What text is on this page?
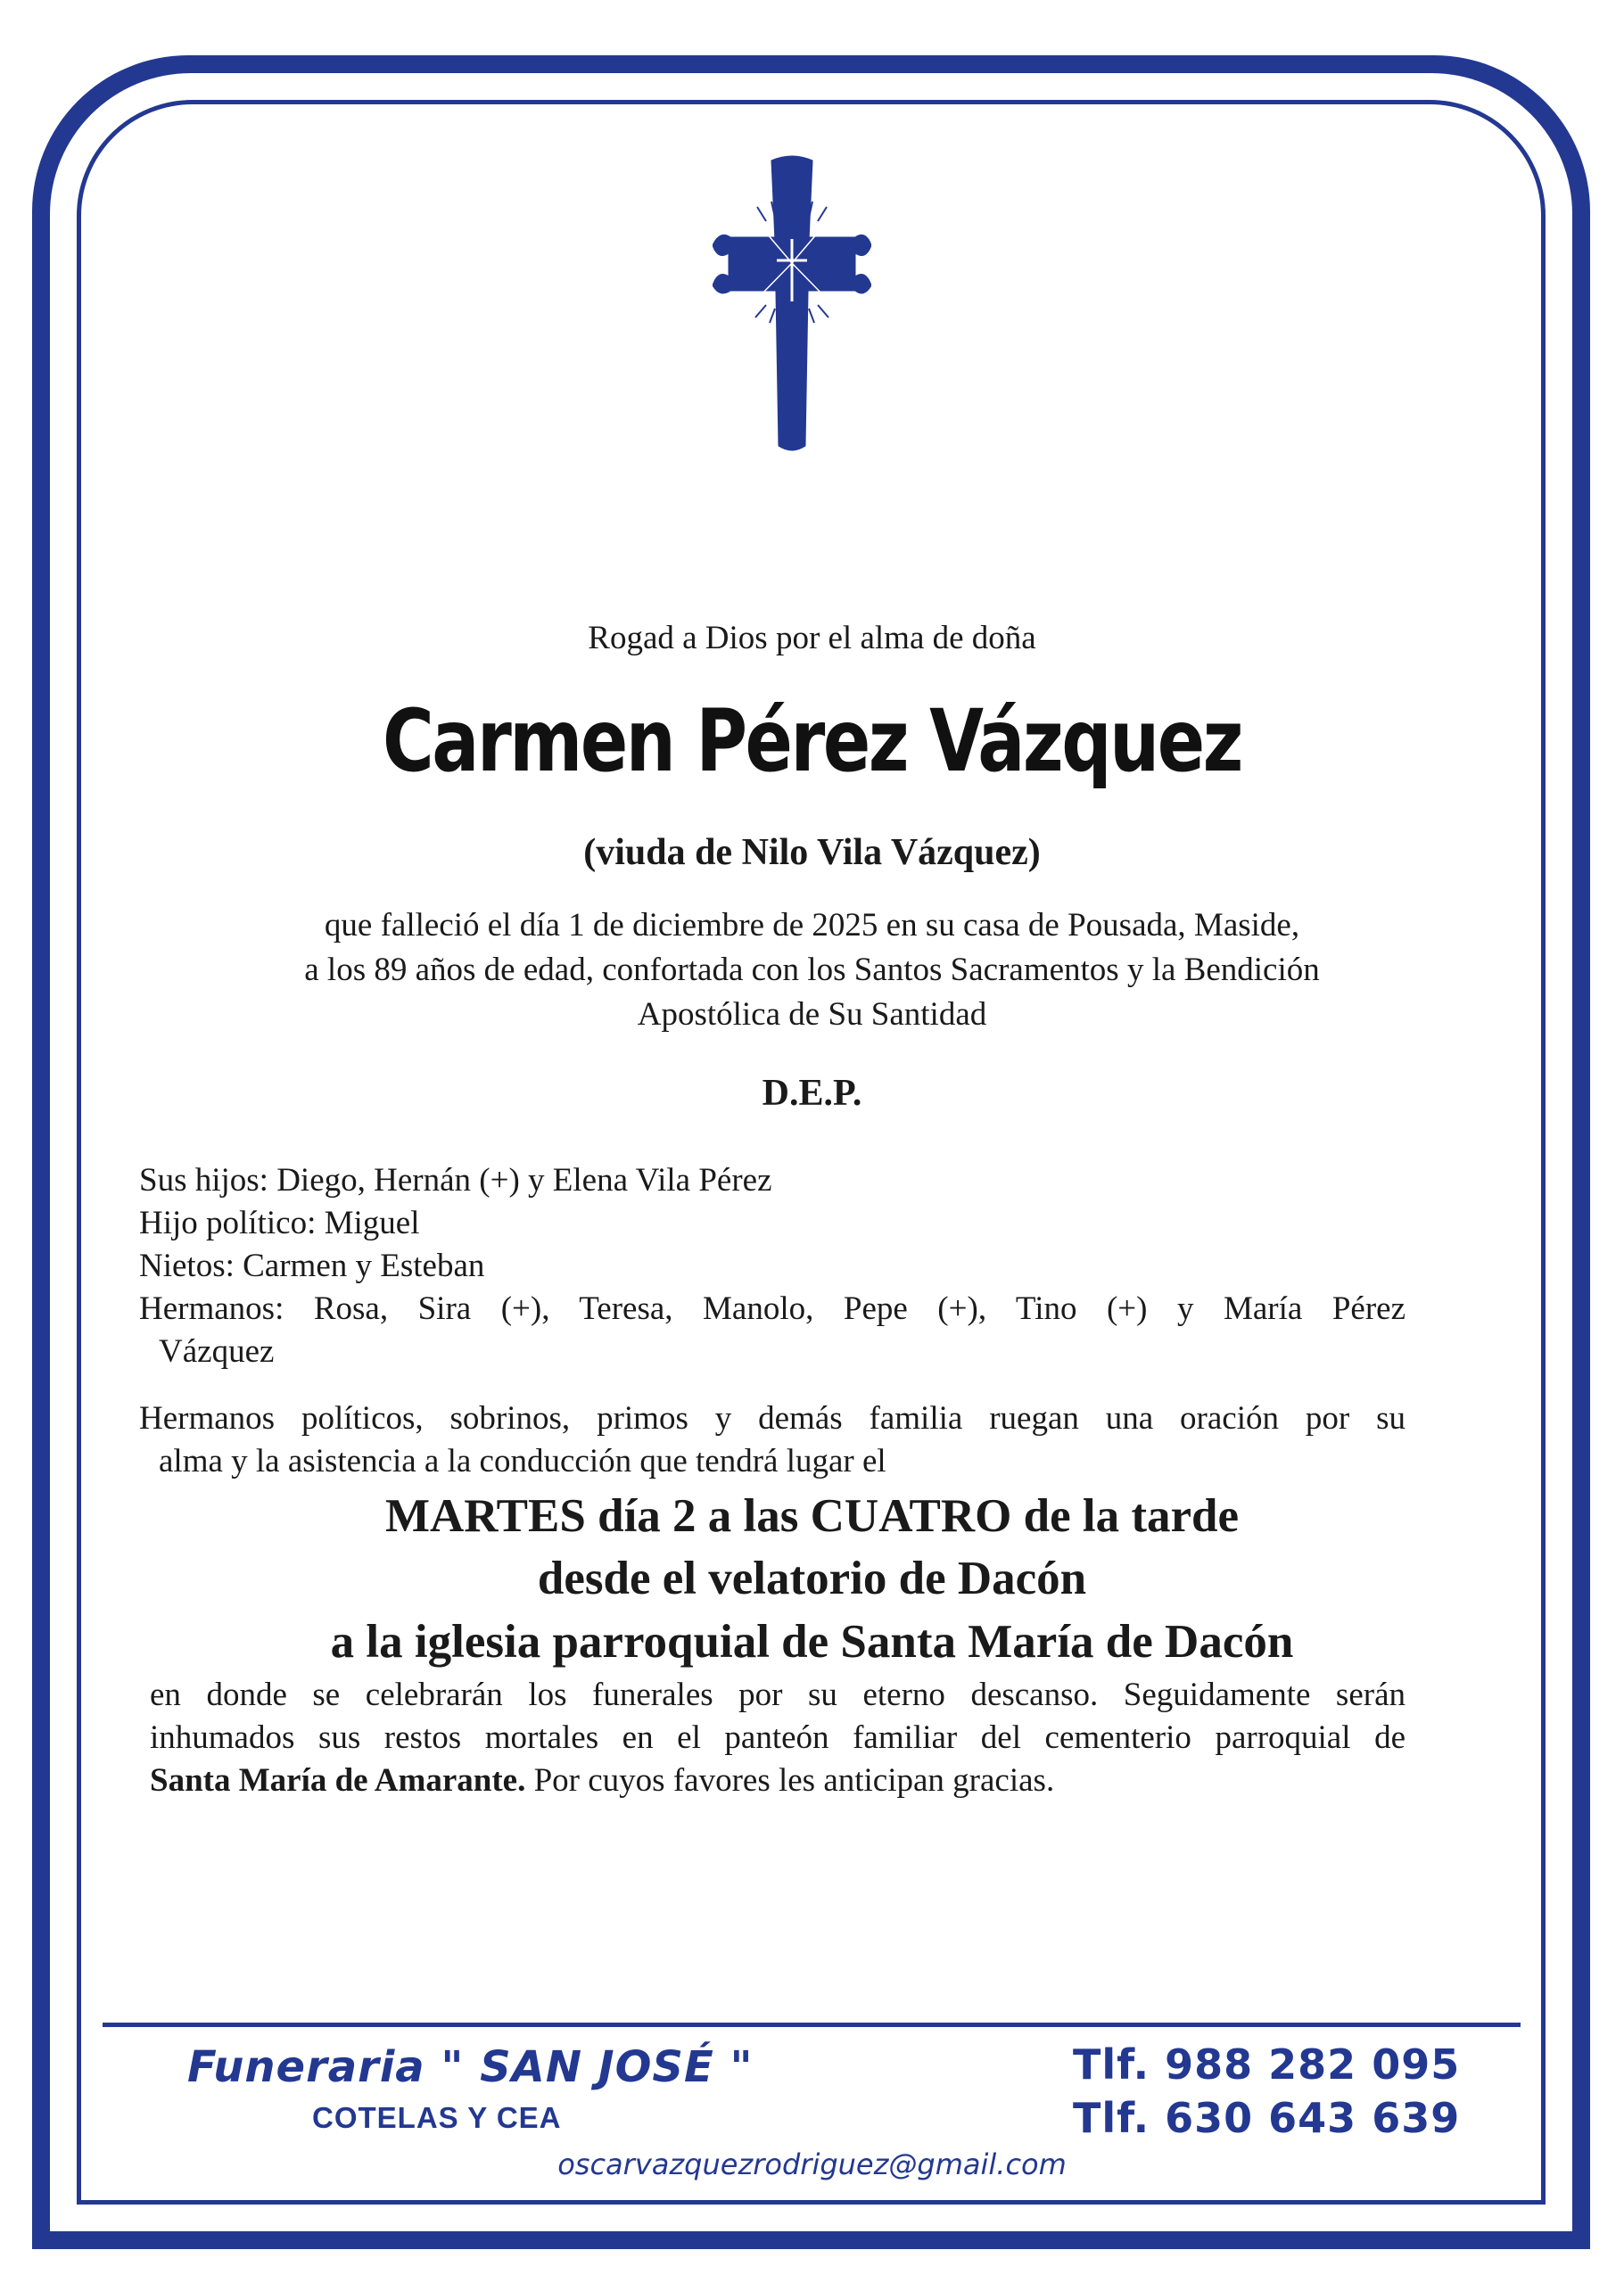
Rogad a Dios por el alma de doña
Carmen Pérez Vázquez
(viuda de Nilo Vila Vázquez)
que falleció el día 1 de diciembre de 2025 en su casa de Pousada, Maside,
a los 89 años de edad, confortada con los Santos Sacramentos y la Bendición
Apostólica de Su Santidad
D.E.P.

Sus hijos: Diego, Hernán (+) y Elena Vila Pérez

Hijo político: Miguel

Nietos: Carmen y Esteban

Hermanos: Rosa, Sira (+), Teresa, Manolo, Pepe (+), Tino (+) y María Pérez

Vázquez

Hermanos políticos, sobrinos, primos y demás familia ruegan una oración por su
alma y la asistencia a la conducción que tendrá lugar el
MARTES día 2 a las CUATRO de la tarde
desde el velatorio de Dacón
a la iglesia parroquial de Santa María de Dacón
en donde se celebrarán los funerales por su eterno descanso. Seguidamente serán
inhumados sus restos mortales en el panteón familiar del cementerio parroquial de
Santa María de Amarante. Por cuyos favores les anticipan gracias.
Funeraria " SAN JOSÉ "
COTELAS Y CEA
Tlf. 988 282 095
Tlf. 630 643 639
oscarvazquezrodriguez@gmail.com
